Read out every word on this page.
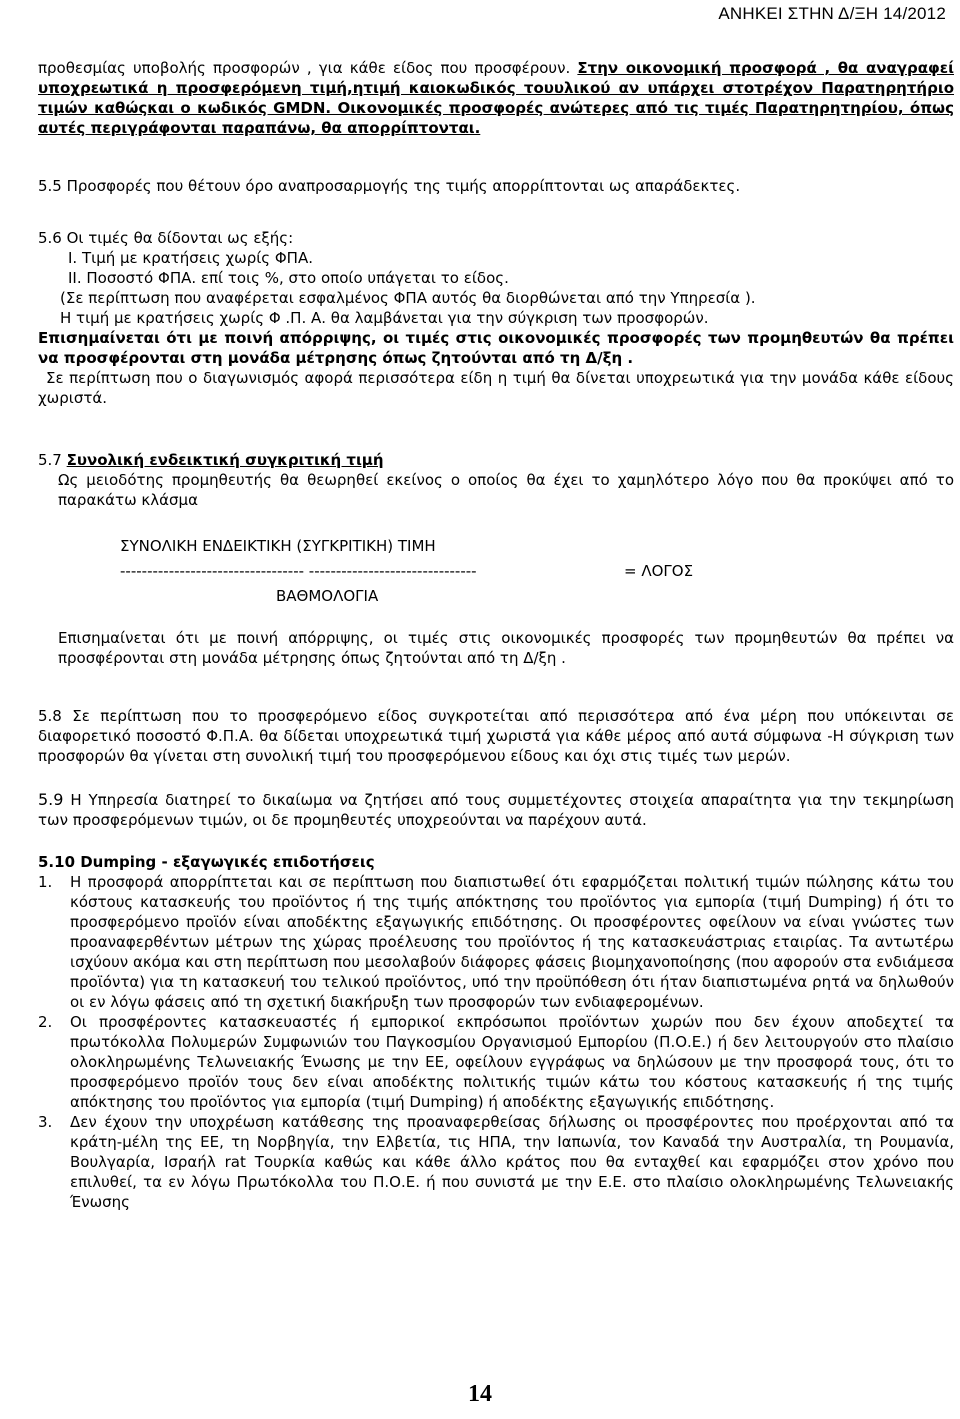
ΑΝΗΚΕΙ ΣΤΗΝ Δ/ΞΗ 14/2012

προθεσμίας υποβολής προσφορών , για κάθε είδος που προσφέρουν. Στην οικονομική προσφορά , θα αναγραφεί υποχρεωτικά η προσφερόμενη τιμή,ητιμή καιοκωδικός τουυλικού αν υπάρχει στοτρέχον Παρατηρητήριο τιμών καθώςκαι ο κωδικός GMDN. Οικονομικές προσφορές ανώτερες από τις τιμές Παρατηρητηρίου, όπως αυτές περιγράφονται παραπάνω, θα απορρίπτονται.

5.5 Προσφορές που θέτουν όρο αναπροσαρμογής της τιμής απορρίπτονται ως απαράδεκτες.

5.6 Οι τιμές θα δίδονται ως εξής:

I. Τιμή με κρατήσεις χωρίς ΦΠΑ.

II. Ποσοστό ΦΠΑ. επί τοις %, στο οποίο υπάγεται το είδος.

(Σε περίπτωση που αναφέρεται εσφαλμένος ΦΠΑ αυτός θα διορθώνεται από την Υπηρεσία ).

Η τιμή με κρατήσεις χωρίς Φ .Π. Α. θα λαμβάνεται για την σύγκριση των προσφορών.

Επισημαίνεται ότι με ποινή απόρριψης, οι τιμές στις οικονομικές προσφορές των προμηθευτών θα πρέπει να προσφέρονται στη μονάδα μέτρησης όπως ζητούνται από τη Δ/ξη .

Σε περίπτωση που ο διαγωνισμός αφορά περισσότερα είδη η τιμή θα δίνεται υποχρεωτικά για την μονάδα κάθε είδους χωριστά.

5.7 Συνολική ενδεικτική συγκριτική τιμή

Ως μειοδότης προμηθευτής θα θεωρηθεί εκείνος ο οποίος θα έχει το χαμηλότερο λόγο που θα προκύψει από το παρακάτω κλάσμα

ΣΥΝΟΛΙΚΗ ΕΝΔΕΙΚΤΙΚΗ (ΣΥΓΚΡΙΤΙΚΗ) ΤΙΜΗ
---------------------------------- -------------------------------	= ΛΟΓΟΣ
ΒΑΘΜΟΛΟΓΙΑ

Επισημαίνεται ότι με ποινή απόρριψης, οι τιμές στις οικονομικές προσφορές των προμηθευτών θα πρέπει να προσφέρονται στη μονάδα μέτρησης όπως ζητούνται από τη Δ/ξη .

5.8 Σε περίπτωση που το προσφερόμενο είδος συγκροτείται από περισσότερα από ένα μέρη που υπόκεινται σε διαφορετικό ποσοστό Φ.Π.Α. θα δίδεται υποχρεωτικά τιμή χωριστά για κάθε μέρος από αυτά σύμφωνα -Η σύγκριση των προσφορών θα γίνεται στη συνολική τιμή του προσφερόμενου είδους και όχι στις τιμές των μερών.

5.9 Η Υπηρεσία διατηρεί το δικαίωμα να ζητήσει από τους συμμετέχοντες στοιχεία απαραίτητα για την τεκμηρίωση των προσφερόμενων τιμών, οι δε προμηθευτές υποχρεούνται να παρέχουν αυτά.

5.10 Dumping - εξαγωγικές επιδοτήσεις

1.	Η προσφορά απορρίπτεται και σε περίπτωση που διαπιστωθεί ότι εφαρμόζεται πολιτική τιμών πώλησης κάτω του κόστους κατασκευής του προϊόντος ή της τιμής απόκτησης του προϊόντος για εμπορία (τιμή Dumping) ή ότι το προσφερόμενο προϊόν είναι αποδέκτης εξαγωγικής επιδότησης. Οι προσφέροντες οφείλουν να είναι γνώστες των προαναφερθέντων μέτρων της χώρας προέλευσης του προϊόντος ή της κατασκευάστριας εταιρίας. Τα αντωτέρω ισχύουν ακόμα και στη περίπτωση που μεσολαβούν διάφορες φάσεις βιομηχανοποίησης (που αφορούν στα ενδιάμεσα προϊόντα) για τη κατασκευή του τελικού προϊόντος, υπό την προϋπόθεση ότι ήταν διαπιστωμένα ρητά να δηλωθούν οι εν λόγω φάσεις από τη σχετική διακήρυξη των προσφορών των ενδιαφερομένων.
2.	Οι προσφέροντες κατασκευαστές ή εμπορικοί εκπρόσωποι προϊόντων χωρών που δεν έχουν αποδεχτεί τα πρωτόκολλα Πολυμερών Συμφωνιών του Παγκοσμίου Οργανισμού Εμπορίου (Π.Ο.Ε.) ή δεν λειτουργούν στο πλαίσιο ολοκληρωμένης Τελωνειακής Ένωσης με την ΕΕ, οφείλουν εγγράφως να δηλώσουν με την προσφορά τους, ότι το προσφερόμενο προϊόν τους δεν είναι αποδέκτης πολιτικής τιμών κάτω του κόστους κατασκευής ή της τιμής απόκτησης του προϊόντος για εμπορία (τιμή Dumping) ή αποδέκτης εξαγωγικής επιδότησης.
3.	Δεν έχουν την υποχρέωση κατάθεσης της προαναφερθείσας δήλωσης οι προσφέροντες που προέρχονται από τα κράτη-μέλη της ΕΕ, τη Νορβηγία, την Ελβετία, τις ΗΠΑ, την Ιαπωνία, τον Καναδά την Αυστραλία, τη Ρουμανία, Βουλγαρία, Ισραήλ rat Τουρκία καθώς και κάθε άλλο κράτος που θα ενταχθεί και εφαρμόζει στον χρόνο που επιλυθεί, τα εν λόγω Πρωτόκολλα του Π.Ο.Ε. ή που συνιστά με την Ε.Ε. στο πλαίσιο ολοκληρωμένης Τελωνειακής Ένωσης
14
